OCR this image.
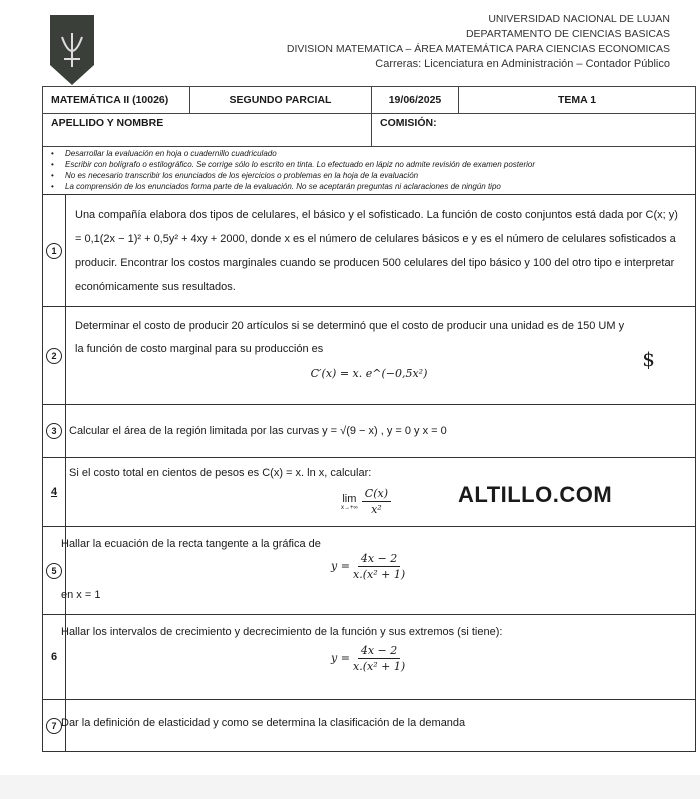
UNIVERSIDAD NACIONAL DE LUJAN
DEPARTAMENTO DE CIENCIAS BASICAS
DIVISION MATEMATICA – ÁREA MATEMÁTICA PARA CIENCIAS ECONOMICAS
Carreras: Licenciatura en Administración – Contador Público
MATEMÁTICA II (10026)	SEGUNDO PARCIAL	19/06/2025	TEMA 1
APELLIDO Y NOMBRE		COMISIÓN:	
• Desarrollar la evaluación en hoja o cuadernillo cuadriculado
• Escribir con bolígrafo o estilográfico. Se corrige sólo lo escrito en tinta. Lo efectuado en lápiz no admite revisión de examen posterior
• No es necesario transcribir los enunciados de los ejercicios o problemas en la hoja de la evaluación
• La comprensión de los enunciados forma parte de la evaluación. No se aceptarán preguntas ni aclaraciones de ningún tipo
1
Una compañía elabora dos tipos de celulares, el básico y el sofisticado. La función de costo conjuntos está dada por C(x; y) = 0,1(2x − 1)² + 0,5y² + 4xy + 2000, donde x es el número de celulares básicos e y es el número de celulares sofisticados a producir. Encontrar los costos marginales cuando se producen 500 celulares del tipo básico y 100 del otro tipo e interpretar económicamente sus resultados.
2
Determinar el costo de producir 20 artículos si se determinó que el costo de producir una unidad es de 150 UM y la función de costo marginal para su producción es
C′(x) = x. e^(−0,5x²)
$
3	Calcular el área de la región limitada por las curvas y = √(9 − x) , y = 0 y x = 0
4
Si el costo total en cientos de pesos es C(x) = x. ln x, calcular:
lim
$x\to+\infty \frac{C(x)}{\text{x²}}$
5
Hallar la ecuación de la recta tangente a la gráfica de
$y = \frac{4x - 2}{\text{x.(x² + 1)}}$
en x = 1
6
Hallar los intervalos de crecimiento y decrecimiento de la función y sus extremos (si tiene):
$y = \frac{4x - 2}{\text{x.(x² + 1)}}$
7 Dar la definición de elasticidad y como se determina la clasificación de la demanda
ALTILLO.COM
